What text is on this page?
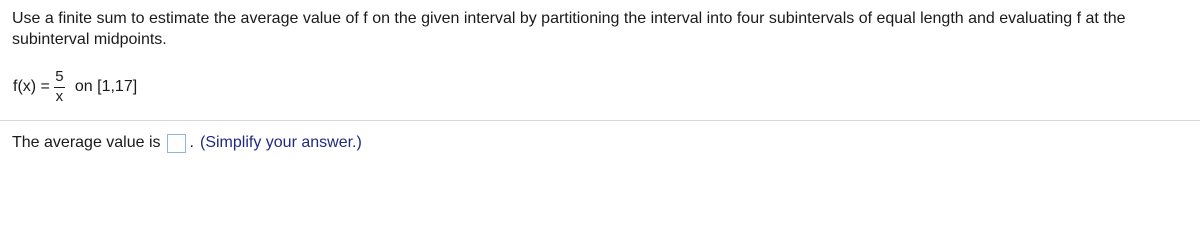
Use a finite sum to estimate the average value of f on the given interval by partitioning the interval into four subintervals of equal length and evaluating f at the subinterval midpoints.
$f(x) = \frac{5}{x}$ on [1,17]
The average value is . (Simplify your answer.)
